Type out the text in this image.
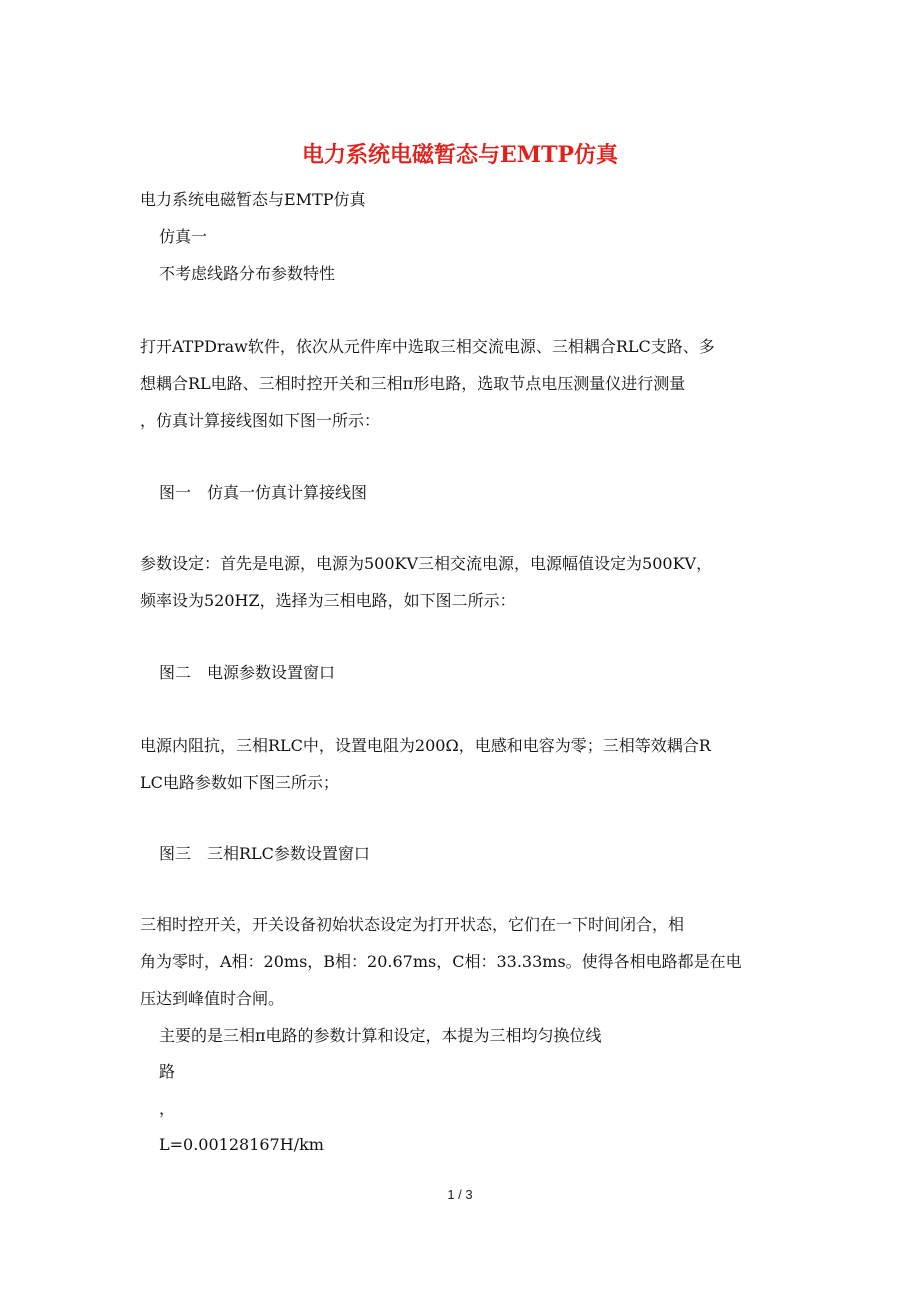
电力系统电磁暂态与EMTP仿真
电力系统电磁暂态与EMTP仿真
仿真一
不考虑线路分布参数特性
打开ATPDraw软件，依次从元件库中选取三相交流电源、三相耦合RLC支路、多
想耦合RL电路、三相时控开关和三相π形电路，选取节点电压测量仪进行测量
，仿真计算接线图如下图一所示：
图一　仿真一仿真计算接线图
参数设定：首先是电源，电源为500KV三相交流电源，电源幅值设定为500KV，
频率设为520HZ，选择为三相电路，如下图二所示：
图二　电源参数设置窗口
电源内阻抗，三相RLC中，设置电阻为200Ω，电感和电容为零；三相等效耦合R
LC电路参数如下图三所示；
图三　三相RLC参数设置窗口
三相时控开关，开关设备初始状态设定为打开状态，它们在一下时间闭合，相
角为零时，A相：20ms，B相：20.67ms，C相：33.33ms。使得各相电路都是在电
压达到峰值时合闸。
主要的是三相π电路的参数计算和设定，本提为三相均匀换位线
路
，
L=0.00128167H/km
1 / 3
